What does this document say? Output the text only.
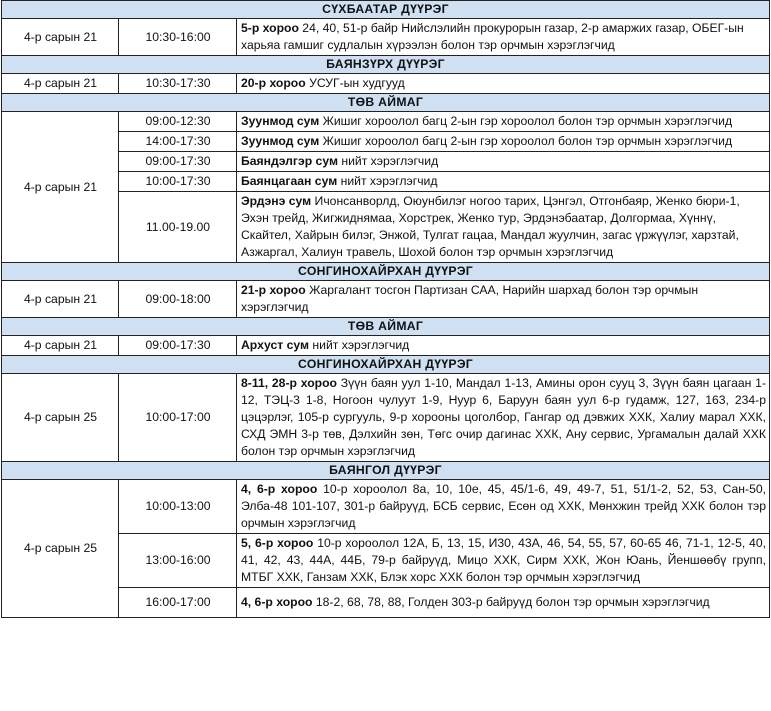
СҮХБААТАР ДҮҮРЭГ		
4-р сарын 21	10:30-16:00	5-р хороо 24, 40, 51-р байр Нийслэлийн прокурорын газар, 2-р амаржих газар, ОБЕГ-ын харьяа гамшиг судлалын хүрээлэн болон тэр орчмын хэрэглэгчид
БАЯНЗҮРХ ДҮҮРЭГ		
4-р сарын 21	10:30-17:30	20-р хороо УСУГ-ын худгууд
ТӨВ АЙМАГ		
4-р сарын 21	09:00-12:30	Зуунмод сум Жишиг хороолол багц 2-ын гэр хороолол болон тэр орчмын хэрэглэгчид
	14:00-17:30	Зуунмод сум Жишиг хороолол багц 2-ын гэр хороолол болон тэр орчмын хэрэглэгчид
	09:00-17:30	Баяндэлгэр сум нийт хэрэглэгчид
	10:00-17:30	Баянцагаан сум нийт хэрэглэгчид
	11.00-19.00	Эрдэнэ сум Ичонсанворлд, Оюунбилэг ногоо тарих, Цэнгэл, Отгонбаяр, Женко бюри-1, Эхэн трейд, Жигжиднямаа, Хорстрек, Женко тур, Эрдэнэбаатар, Долгормаа, Хүннү, Скайтел, Хайрын билэг, Энжой, Тулгат гацаа, Мандал жуулчин, загас үржүүлэг, харзтай, Азжаргал, Халиун травель, Шохой болон тэр орчмын хэрэглэгчид
СОНГИНОХАЙРХАН ДҮҮРЭГ		
4-р сарын 21	09:00-18:00	21-р хороо Жаргалант тосгон Партизан САА, Нарийн шархад болон тэр орчмын хэрэглэгчид
ТӨВ АЙМАГ		
4-р сарын 21	09:00-17:30	Архуст сум нийт хэрэглэгчид
СОНГИНОХАЙРХАН ДҮҮРЭГ		
4-р сарын 25	10:00-17:00	8-11, 28-р хороо Зүүн баян уул 1-10, Мандал 1-13, Амины орон сууц 3, Зүүн баян цагаан 1-12, ТЭЦ-3 1-8, Ногоон чулуут 1-9, Нуур 6, Баруун баян уул 6-р гудамж, 127, 163, 234-р цэцэрлэг, 105-р сургууль, 9-р хорооны цоголбор, Гангар од дэвжих ХХК, Халиу марал ХХК, СХД ЭМН 3-р төв, Дэлхийн зөн, Төгс очир дагинас ХХК, Ану сервис, Ургамалын далай ХХК болон тэр орчмын хэрэглэгчид
БАЯНГОЛ ДҮҮРЭГ		
4-р сарын 25	10:00-13:00	4, 6-р хороо 10-р хороолол 8а, 10, 10е, 45, 45/1-6, 49, 49-7, 51, 51/1-2, 52, 53, Сан-50, Элба-48 101-107, 301-р байруүд, БСБ сервис, Есөн од ХХК, Мөнхжин трейд ХХК болон тэр орчмын хэрэглэгчид
	13:00-16:00	5, 6-р хороо 10-р хороолол 12А, Б, 13, 15, И30, 43А, 46, 54, 55, 57, 60-65 46, 71-1, 12-5, 40, 41, 42, 43, 44А, 44Б, 79-р байруүд, Мицо ХХК, Сирм ХХК, Жон Юань, Йеншөөбү групп, МТБГ ХХК, Ганзам ХХК, Блэк хорс ХХК болон тэр орчмын хэрэглэгчид
	16:00-17:00	4, 6-р хороо 18-2, 68, 78, 88, Голден 303-р байруүд болон тэр орчмын хэрэглэгчид
